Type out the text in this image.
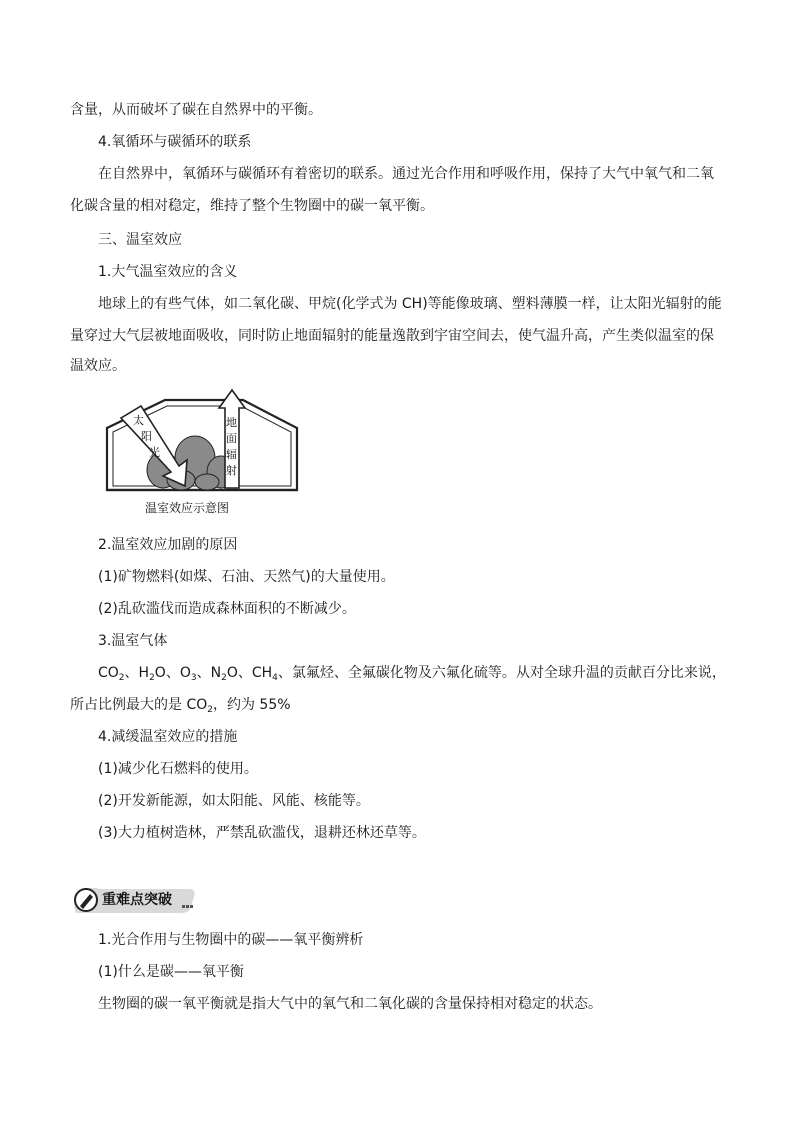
含量，从而破坏了碳在自然界中的平衡。
4.氧循环与碳循环的联系
在自然界中，氧循环与碳循环有着密切的联系。通过光合作用和呼吸作用，保持了大气中氧气和二氧
化碳含量的相对稳定，维持了整个生物圈中的碳一氧平衡。
三、温室效应
1.大气温室效应的含义
地球上的有些气体，如二氧化碳、甲烷(化学式为 CH)等能像玻璃、塑料薄膜一样，让太阳光辐射的能
量穿过大气层被地面吸收，同时防止地面辐射的能量逸散到宇宙空间去，使气温升高，产生类似温室的保
温效应。
太
阳
光
地
面
辐
射
温室效应示意图
2.温室效应加剧的原因
(1)矿物燃料(如煤、石油、天然气)的大量使用。
(2)乱砍滥伐而造成森林面积的不断减少。
3.温室气体
$CO_2$、$H_2O$、$O_3$、$N_2O$、$CH_4$、氯氟烃、全氟碳化物及六氟化硫等。从对全球升温的贡献百分比来说，
所占比例最大的是 $CO_2$，约为 55%
4.减缓温室效应的措施
(1)减少化石燃料的使用。
(2)开发新能源，如太阳能、风能、核能等。
(3)大力植树造林，严禁乱砍滥伐，退耕还林还草等。
重难点突破
1.光合作用与生物圈中的碳——氧平衡辨析
(1)什么是碳——氧平衡
生物圈的碳一氧平衡就是指大气中的氧气和二氧化碳的含量保持相对稳定的状态。
